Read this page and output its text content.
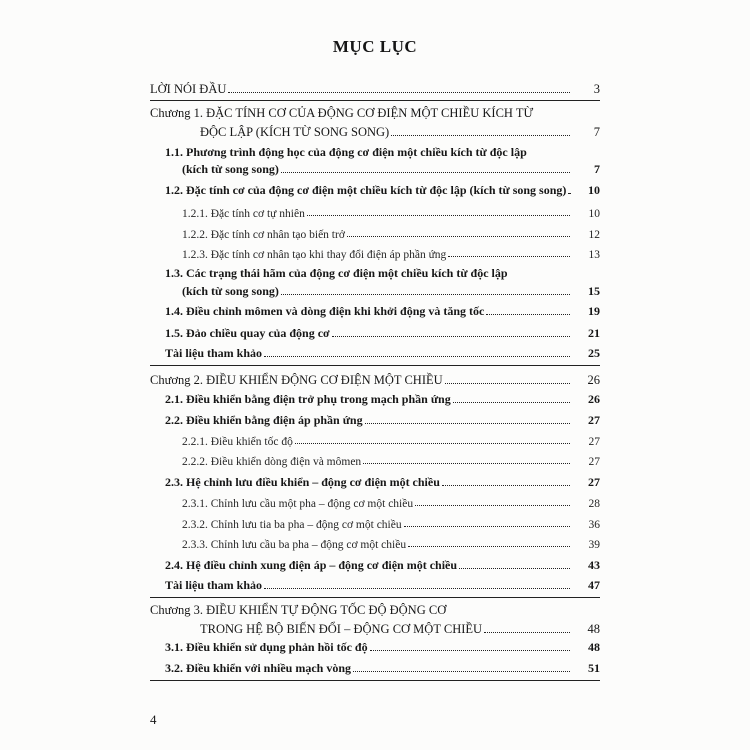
MỤC LỤC
LỜI NÓI ĐẦU	3
Chương 1. ĐẶC TÍNH CƠ CỦA ĐỘNG CƠ ĐIỆN MỘT CHIỀU KÍCH TỪ
ĐỘC LẬP (KÍCH TỪ SONG SONG)	7
1.1. Phương trình động học của động cơ điện một chiều kích từ độc lập
(kích từ song song)	7
1.2. Đặc tính cơ của động cơ điện một chiều kích từ độc lập (kích từ song song)	10
1.2.1. Đặc tính cơ tự nhiên	10
1.2.2. Đặc tính cơ nhân tạo biến trở	12
1.2.3. Đặc tính cơ nhân tạo khi thay đổi điện áp phần ứng	13
1.3. Các trạng thái hãm của động cơ điện một chiều kích từ độc lập
(kích từ song song)	15
1.4. Điều chỉnh mômen và dòng điện khi khởi động và tăng tốc	19
1.5. Đảo chiều quay của động cơ	21
Tài liệu tham khảo	25
Chương 2. ĐIỀU KHIỂN ĐỘNG CƠ ĐIỆN MỘT CHIỀU	26
2.1. Điều khiển bằng điện trở phụ trong mạch phần ứng	26
2.2. Điều khiển bằng điện áp phần ứng	27
2.2.1. Điều khiển tốc độ	27
2.2.2. Điều khiển dòng điện và mômen	27
2.3. Hệ chỉnh lưu điều khiển – động cơ điện một chiều	27
2.3.1. Chỉnh lưu cầu một pha – động cơ một chiều	28
2.3.2. Chỉnh lưu tia ba pha – động cơ một chiều	36
2.3.3. Chỉnh lưu cầu ba pha – động cơ một chiều	39
2.4. Hệ điều chỉnh xung điện áp – động cơ điện một chiều	43
Tài liệu tham khảo	47
Chương 3. ĐIỀU KHIỂN TỰ ĐỘNG TỐC ĐỘ ĐỘNG CƠ
TRONG HỆ BỘ BIẾN ĐỔI – ĐỘNG CƠ MỘT CHIỀU	48
3.1. Điều khiển sử dụng phản hồi tốc độ	48
3.2. Điều khiển với nhiều mạch vòng	51
4
